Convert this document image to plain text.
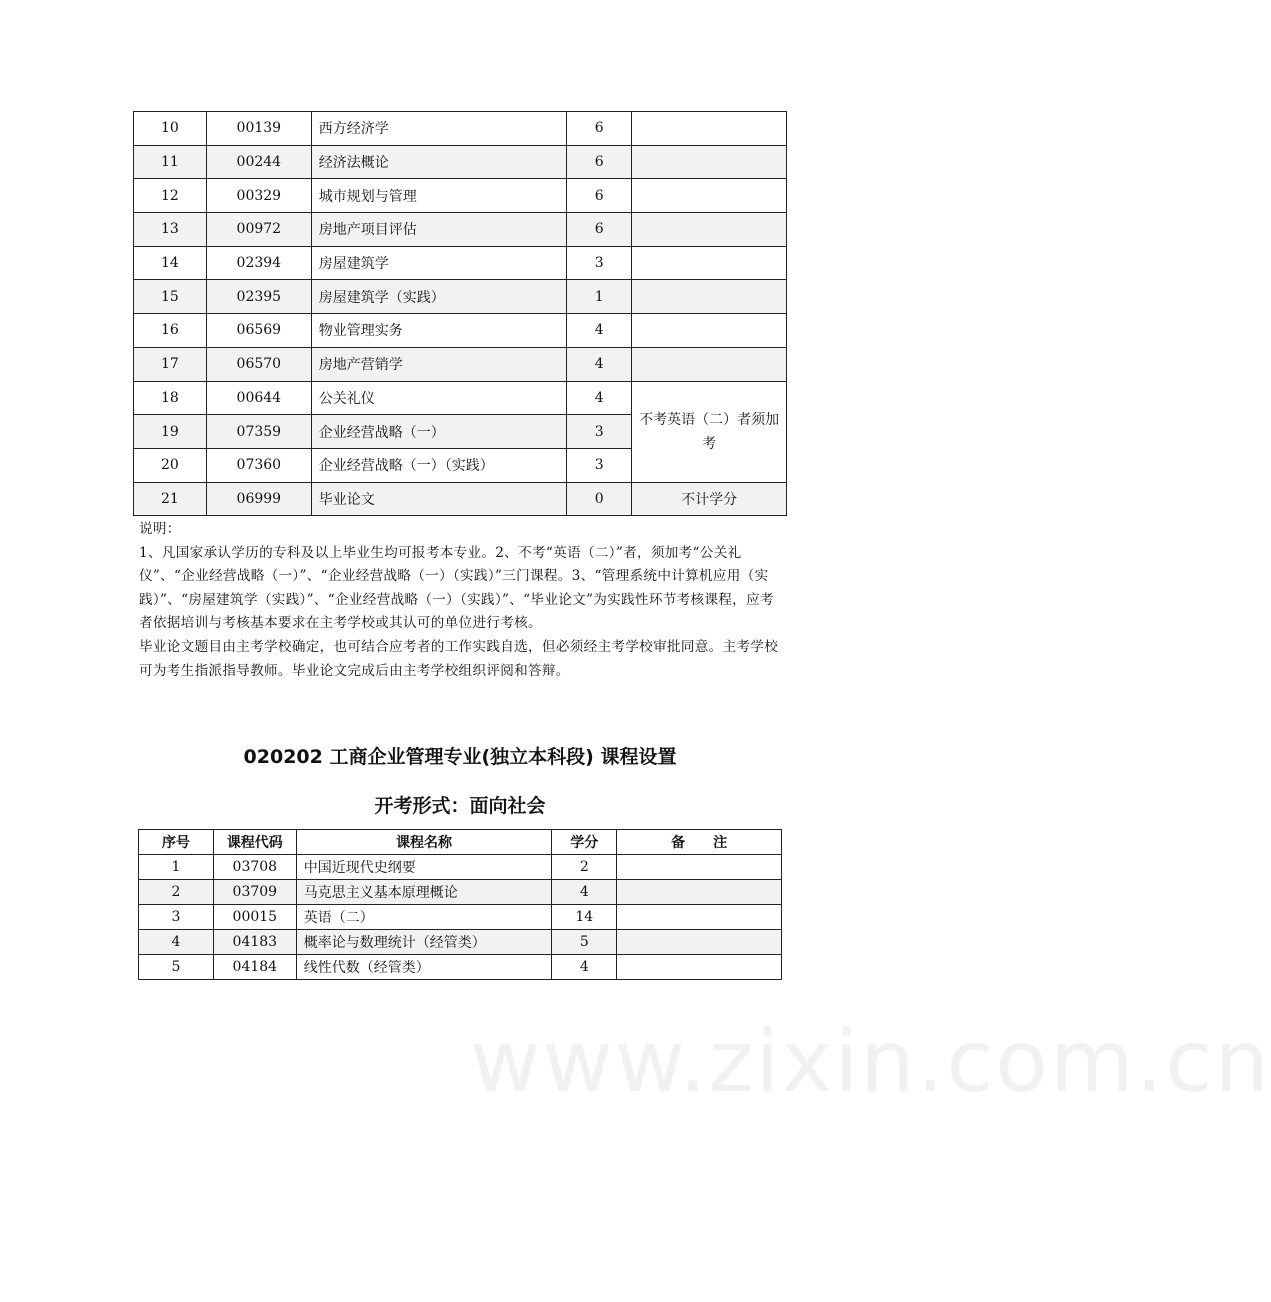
10	00139	西方经济学	6	
11	00244	经济法概论	6	
12	00329	城市规划与管理	6	
13	00972	房地产项目评估	6	
14	02394	房屋建筑学	3	
15	02395	房屋建筑学（实践）	1	
16	06569	物业管理实务	4	
17	06570	房地产营销学	4	
18	00644	公关礼仪	4	不考英语（二）者须加考
19	07359	企业经营战略（一）	3	
20	07360	企业经营战略（一）（实践）	3	
21	06999	毕业论文	0	不计学分

说明：

1、凡国家承认学历的专科及以上毕业生均可报考本专业。2、不考“英语（二）”者，须加考“公关礼仪”、“企业经营战略（一）”、“企业经营战略（一）（实践）”三门课程。3、“管理系统中计算机应用（实践）”、“房屋建筑学（实践）”、“企业经营战略（一）（实践）”、“毕业论文”为实践性环节考核课程，应考者依据培训与考核基本要求在主考学校或其认可的单位进行考核。

毕业论文题目由主考学校确定，也可结合应考者的工作实践自选，但必须经主考学校审批同意。主考学校可为考生指派指导教师。毕业论文完成后由主考学校组织评阅和答辩。

020202 工商企业管理专业(独立本科段) 课程设置
开考形式：面向社会
序号	课程代码	课程名称	学分	备　　注
1	03708	中国近现代史纲要	2	
2	03709	马克思主义基本原理概论	4	
3	00015	英语（二）	14	
4	04183	概率论与数理统计（经管类）	5	
5	04184	线性代数（经管类）	4	
www.zixin.com.cn
